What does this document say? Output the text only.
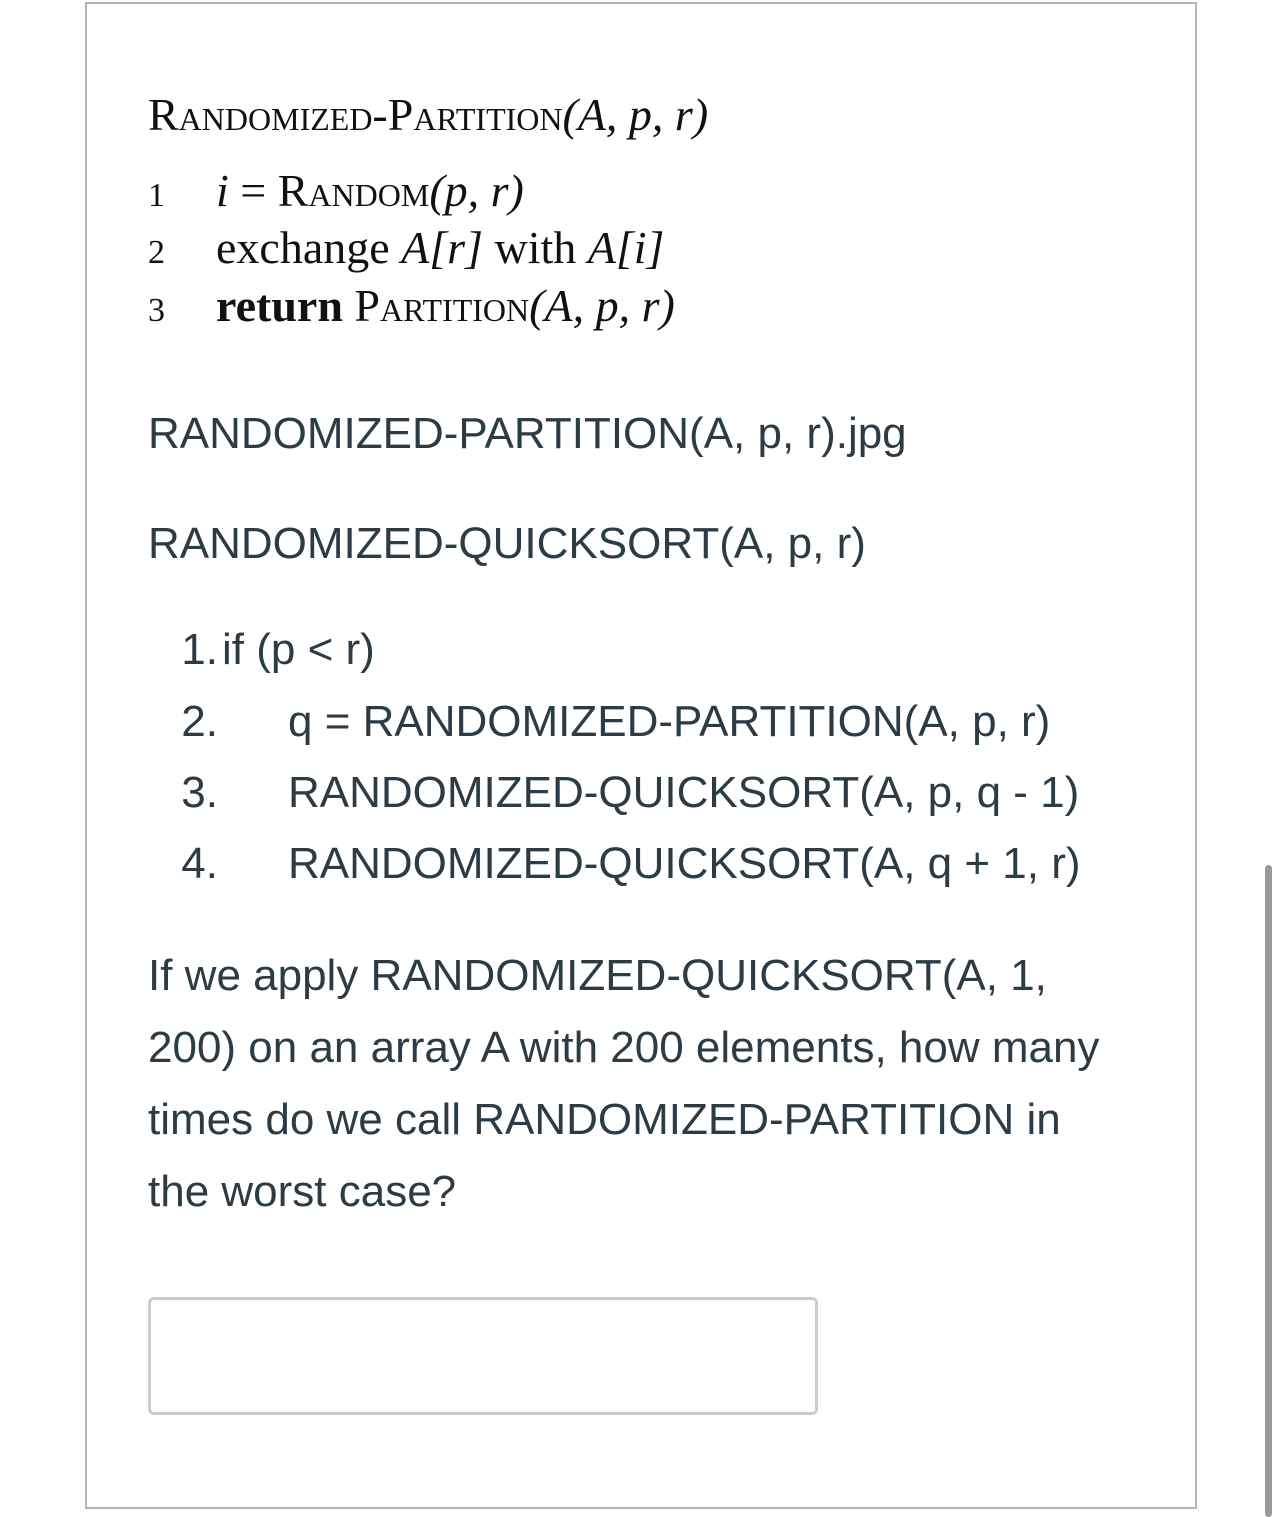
Randomized-Partition(A, p, r)
1 i = Random(p, r)
2 exchange A[r] with A[i]
3 return Partition(A, p, r)
RANDOMIZED-PARTITION(A, p, r).jpg
RANDOMIZED-QUICKSORT(A, p, r)
1. if (p < r)
2. q = RANDOMIZED-PARTITION(A, p, r)
3. RANDOMIZED-QUICKSORT(A, p, q - 1)
4. RANDOMIZED-QUICKSORT(A, q + 1, r)
If we apply RANDOMIZED-QUICKSORT(A, 1, 200) on an array A with 200 elements, how many times do we call RANDOMIZED-PARTITION in the worst case?
